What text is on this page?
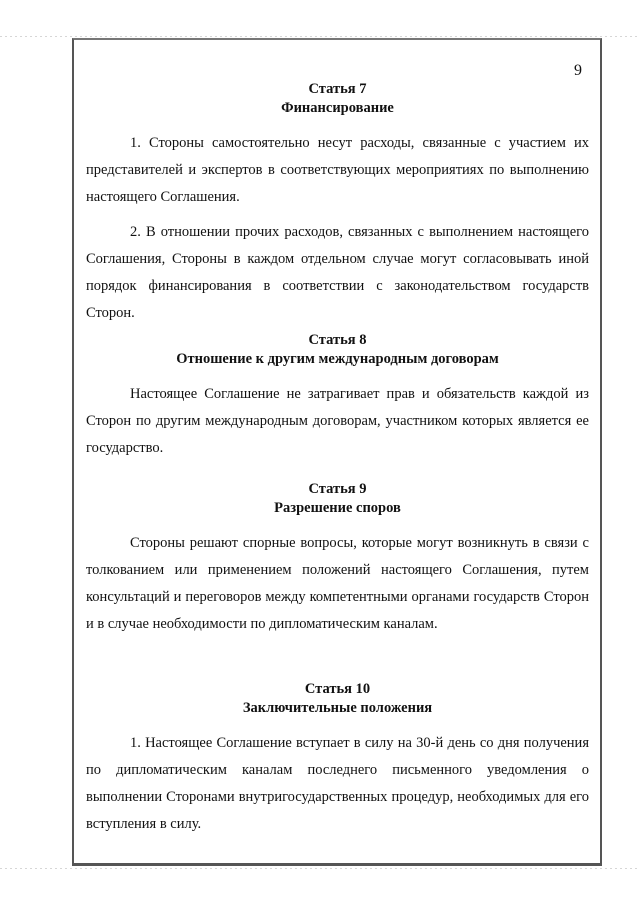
9
Статья 7
Финансирование

1. Стороны самостоятельно несут расходы, связанные с участием их представителей и экспертов в соответствующих мероприятиях по выполнению настоящего Соглашения.

2. В отношении прочих расходов, связанных с выполнением настоящего Соглашения, Стороны в каждом отдельном случае могут согласовывать иной порядок финансирования в соответствии с законодательством государств Сторон.

Статья 8
Отношение к другим международным договорам

Настоящее Соглашение не затрагивает прав и обязательств каждой из Сторон по другим международным договорам, участником которых является ее государство.

Статья 9
Разрешение споров

Стороны решают спорные вопросы, которые могут возникнуть в связи с толкованием или применением положений настоящего Соглашения, путем консультаций и переговоров между компетентными органами государств Сторон и в случае необходимости по дипломатическим каналам.

Статья 10
Заключительные положения

1. Настоящее Соглашение вступает в силу на 30-й день со дня получения по дипломатическим каналам последнего письменного уведомления о выполнении Сторонами внутригосударственных процедур, необходимых для его вступления в силу.
